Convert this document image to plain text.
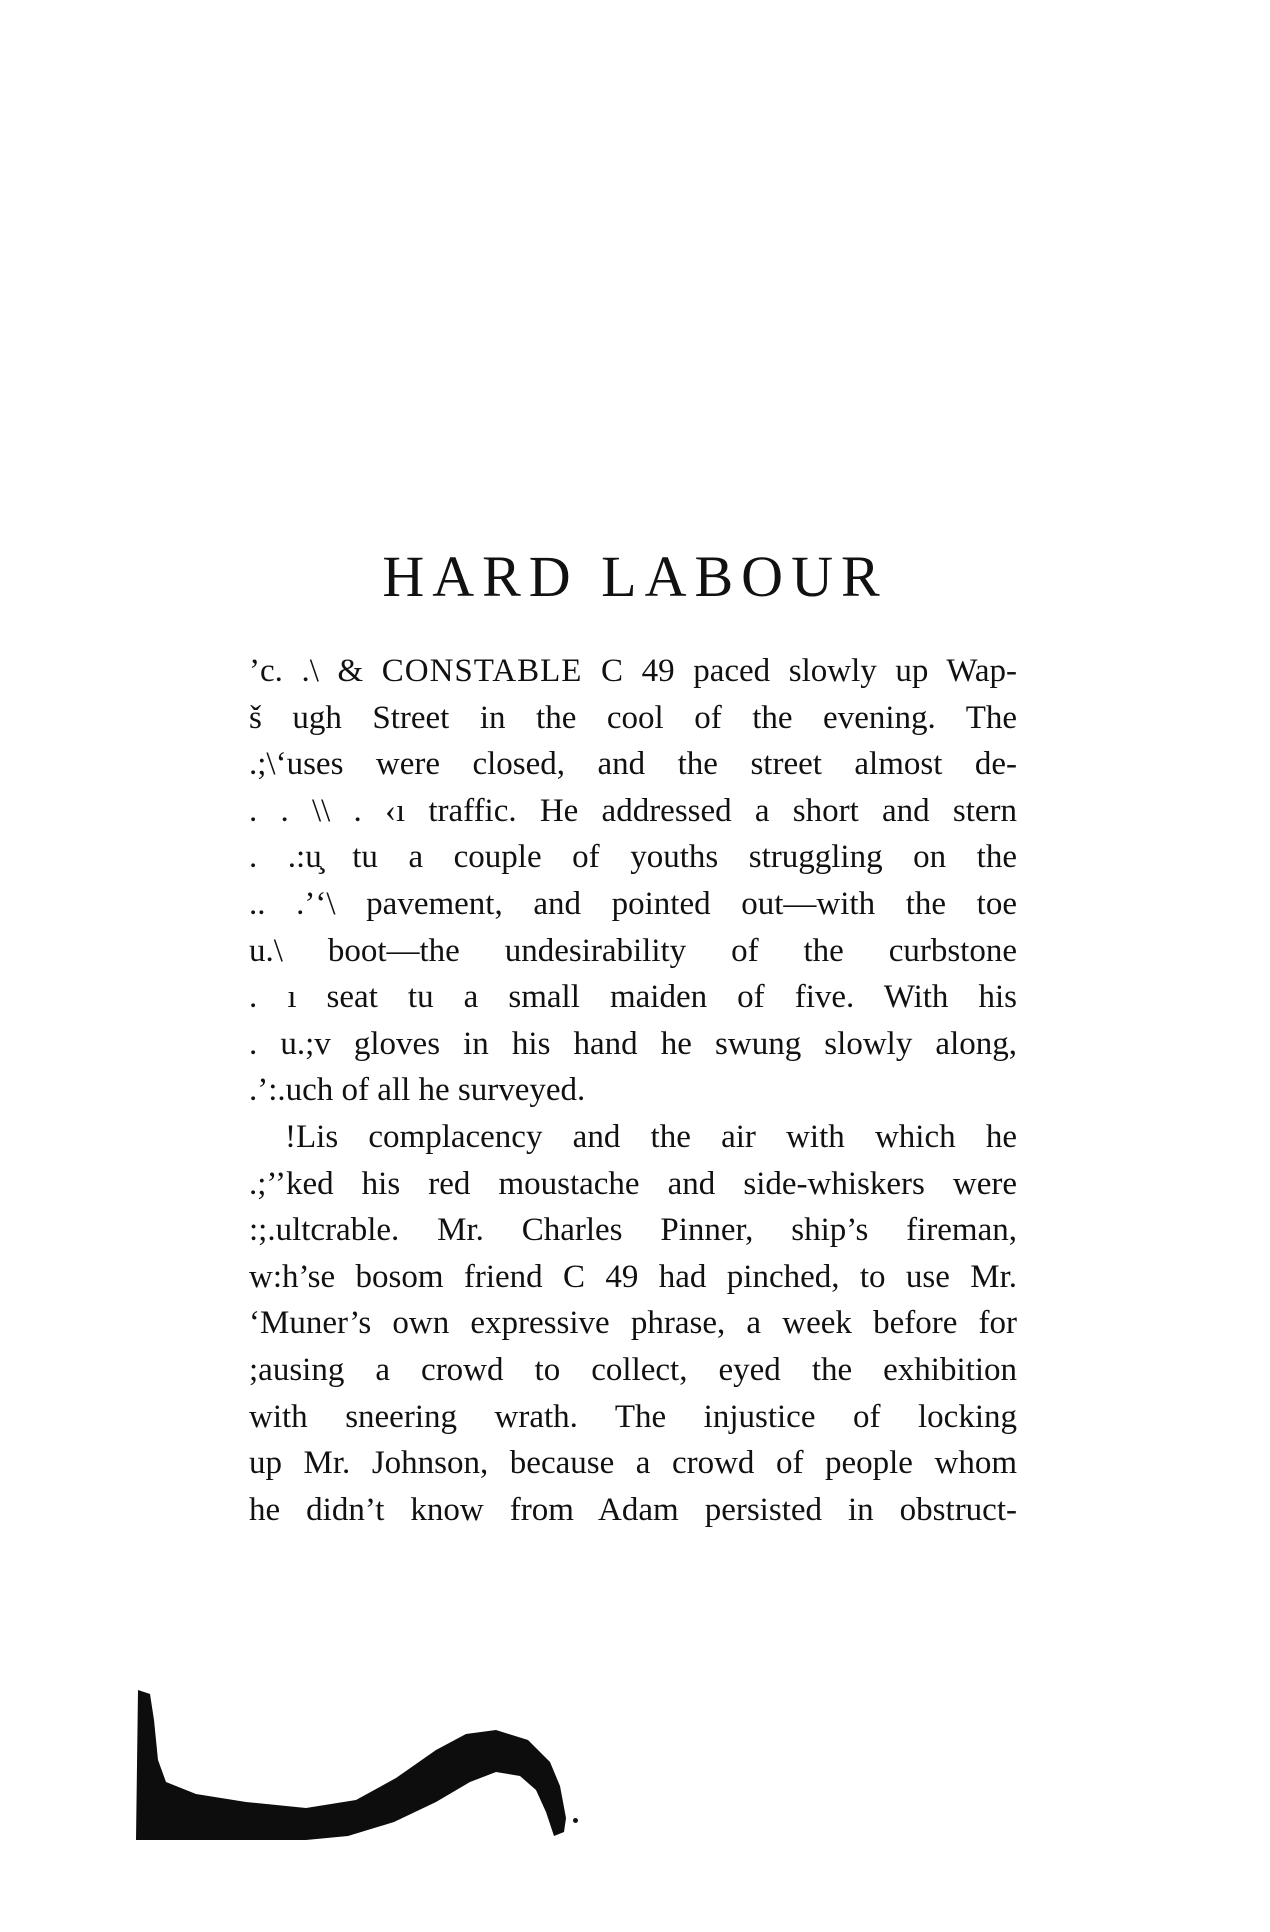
HARD LABOUR
’c. .\ & CONSTABLE C 49 paced slowly up Wap-
š ugh Street in the cool of the evening. The
.;\‘uses were closed, and the street almost de-
. . \\ . ‹ı traffic. He addressed a short and stern
. .:u̧ tu a couple of youths struggling on the
.. .’ʻ\ pavement, and pointed out—with the toe
u.\ boot—the undesirability of the curbstone
. ı seat tu a small maiden of five. With his
. u.;v gloves in his hand he swung slowly along,
.’:.uch of all he surveyed.
!Lis complacency and the air with which he
.;’’ked his red moustache and side-whiskers were
:;.ultcrable. Mr. Charles Pinner, ship’s fireman,
w:h’se bosom friend C 49 had pinched, to use Mr.
‘Muner’s own expressive phrase, a week before for
;ausing a crowd to collect, eyed the exhibition
with sneering wrath. The injustice of locking
up Mr. Johnson, because a crowd of people whom
he didn’t know from Adam persisted in obstruct-
